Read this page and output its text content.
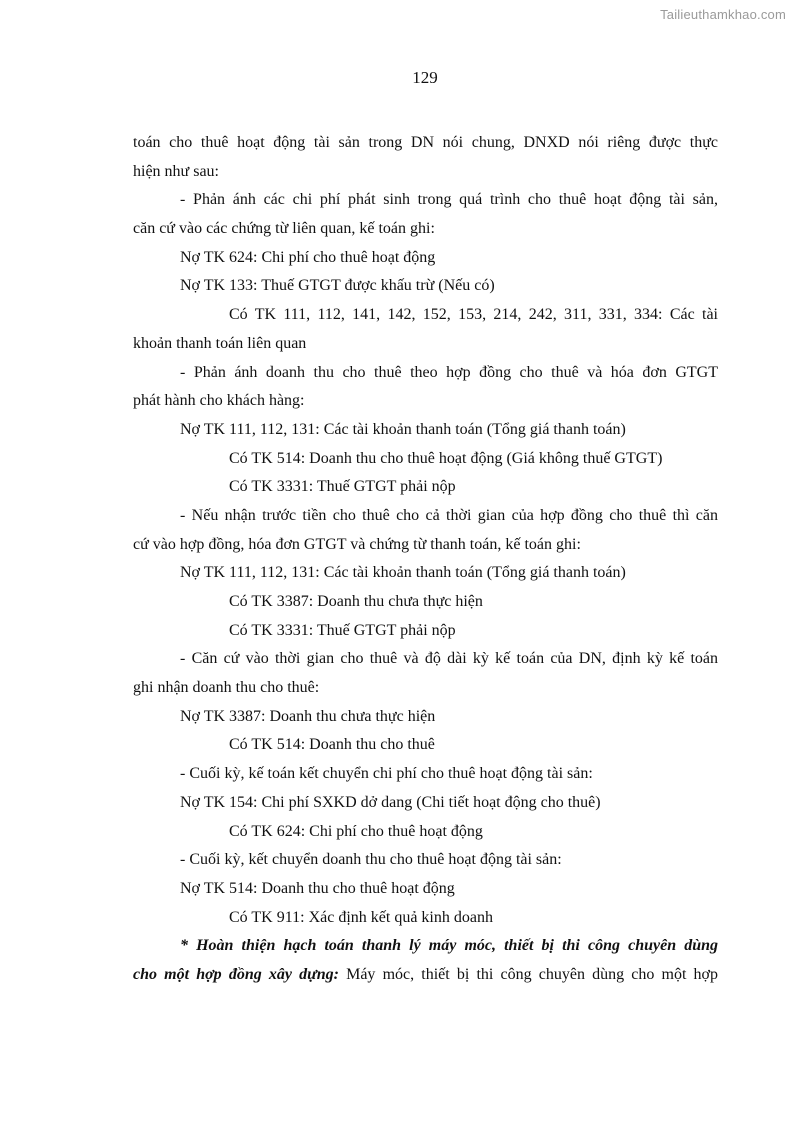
Tailieuthamkhao.com
129
toán cho thuê hoạt động tài sản trong DN nói chung, DNXD nói riêng được thực
hiện như sau:
- Phản ánh các chi phí phát sinh trong quá trình cho thuê hoạt động tài sản,
căn cứ vào các chứng từ liên quan, kế toán ghi:
Nợ TK 624: Chi phí cho thuê hoạt động
Nợ TK 133: Thuế GTGT được khấu trừ (Nếu có)
Có TK 111, 112, 141, 142, 152, 153, 214, 242, 311, 331, 334: Các tài
khoản thanh toán liên quan
- Phản ánh doanh thu cho thuê theo hợp đồng cho thuê và hóa đơn GTGT
phát hành cho khách hàng:
Nợ TK 111, 112, 131: Các tài khoản thanh toán (Tổng giá thanh toán)
Có TK 514: Doanh thu cho thuê hoạt động (Giá không thuế GTGT)
Có TK 3331: Thuế GTGT phải nộp
- Nếu nhận trước tiền cho thuê cho cả thời gian của hợp đồng cho thuê thì căn
cứ vào hợp đồng, hóa đơn GTGT và chứng từ thanh toán, kế toán ghi:
Nợ TK 111, 112, 131: Các tài khoản thanh toán (Tổng giá thanh toán)
Có TK 3387: Doanh thu chưa thực hiện
Có TK 3331: Thuế GTGT phải nộp
- Căn cứ vào thời gian cho thuê và độ dài kỳ kế toán của DN, định kỳ kế toán
ghi nhận doanh thu cho thuê:
Nợ TK 3387: Doanh thu chưa thực hiện
Có TK 514: Doanh thu cho thuê
- Cuối kỳ, kế toán kết chuyển chi phí cho thuê hoạt động tài sản:
Nợ TK 154: Chi phí SXKD dở dang (Chi tiết hoạt động cho thuê)
Có TK 624: Chi phí cho thuê hoạt động
- Cuối kỳ, kết chuyển doanh thu cho thuê hoạt động tài sản:
Nợ TK 514: Doanh thu cho thuê hoạt động
Có TK 911: Xác định kết quả kinh doanh
* Hoàn thiện hạch toán thanh lý máy móc, thiết bị thi công chuyên dùng
cho một hợp đồng xây dựng: Máy móc, thiết bị thi công chuyên dùng cho một hợp
